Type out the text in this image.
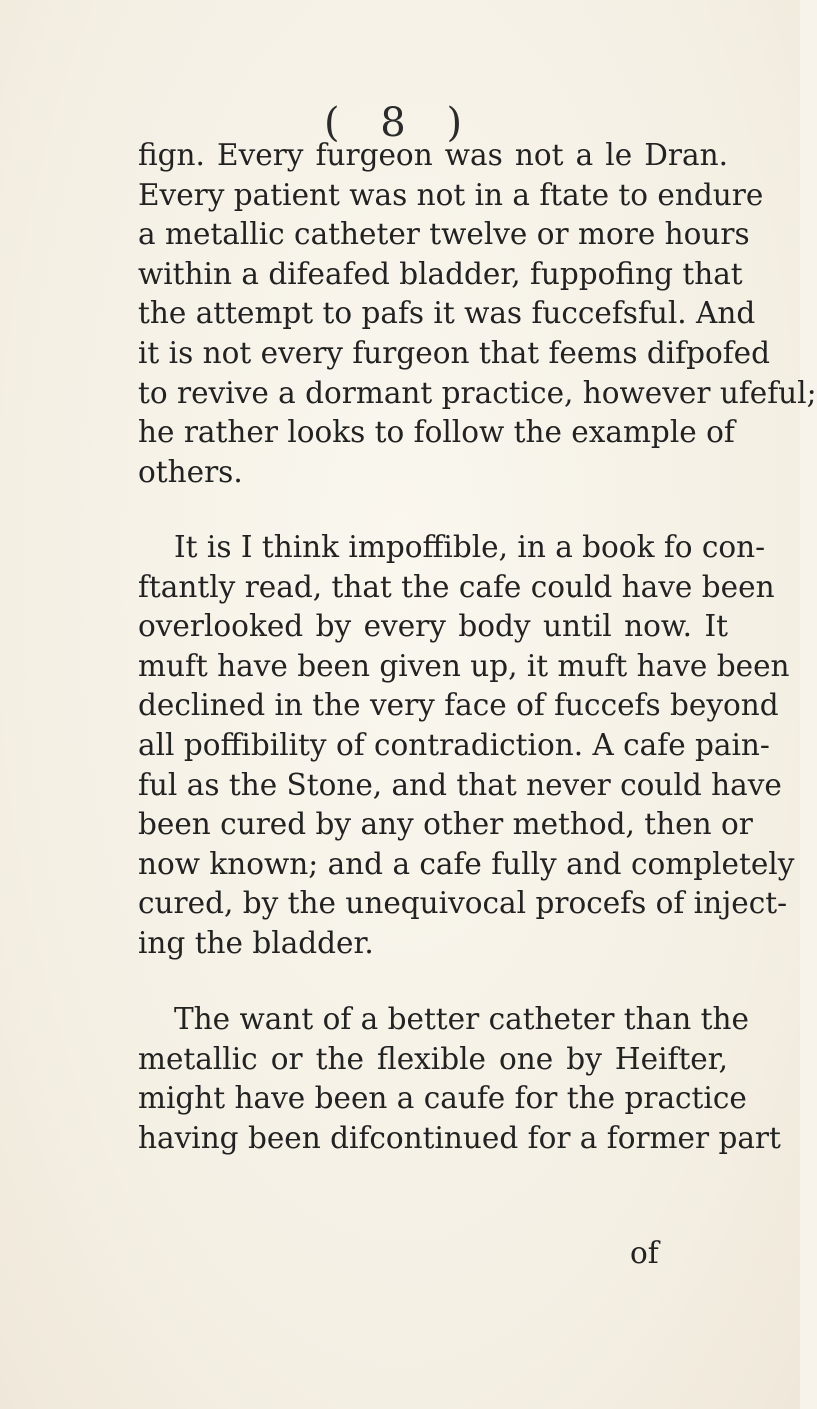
( 8 )
fign. Every furgeon was not a le Dran.
Every patient was not in a ftate to endure
a metallic catheter twelve or more hours
within a difeafed bladder, fuppofing that
the attempt to pafs it was fuccefsful. And
it is not every furgeon that feems difpofed
to revive a dormant practice, however ufeful;
he rather looks to follow the example of
others.
It is I think impoffible, in a book fo con-
ftantly read, that the cafe could have been
overlooked by every body until now. It
muft have been given up, it muft have been
declined in the very face of fuccefs beyond
all poffibility of contradiction. A cafe pain-
ful as the Stone, and that never could have
been cured by any other method, then or
now known; and a cafe fully and completely
cured, by the unequivocal procefs of inject-
ing the bladder.
The want of a better catheter than the
metallic or the flexible one by Heifter,
might have been a caufe for the practice
having been difcontinued for a former part
of
